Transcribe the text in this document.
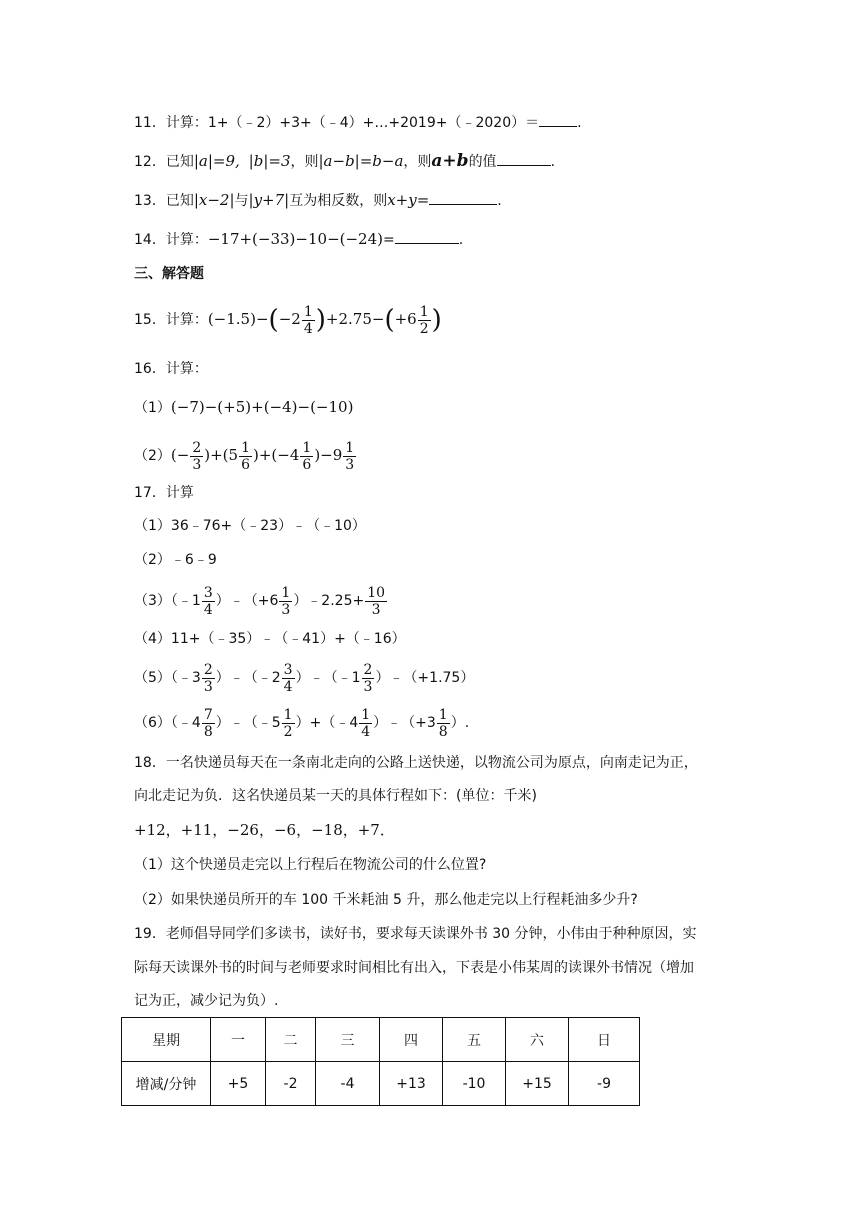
11．计算：1+（﹣2）+3+（﹣4）+…+2019+（﹣2020）＝	.
12．已知|a|=9, |b|=3，则|a−b|=b−a，则a+b的值	.
13．已知|x−2|与|y+7|互为相反数，则x+y=	.
14．计算：−17+(−33)−10−(−24)=	.
三、解答题
15．计算：$(-1.5)-(-2 \frac{1}{4} )+2.75-(+6 \frac{1}{2}$ )
16．计算：
（1）(−7)−(+5)+(−4)−(−10)
$(2)(- \frac{2}{3} )+(5 \frac{1}{6} )+(-4 \frac{1}{6} )-9 \frac{1}{3}$
17．计算
（1）36﹣76+（﹣23）﹣（﹣10）
（2）﹣6﹣9
（3）（﹣1 $\frac{3}{4}$ ）﹣（+6 $\frac{1}{3}$ ）﹣2.25+ $\frac{10}{3}$
（4）11+（﹣35）﹣（﹣41）+（﹣16）
（5）（﹣3 $\frac{2}{3}$ ）﹣（﹣2 $\frac{3}{4}$ ）﹣（﹣1 $\frac{2}{3}$ ）﹣（+1.75）
（6）（﹣4 $\frac{7}{8}$ ）﹣（﹣5 $\frac{1}{2}$ ）+（﹣4 $\frac{1}{4}$ ）﹣（+3 $\frac{1}{8}$ ）.
18．一名快递员每天在一条南北走向的公路上送快递，以物流公司为原点，向南走记为正，
向北走记为负．这名快递员某一天的具体行程如下：(单位：千米)
+12，+11，−26，−6，−18，+7．
（1）这个快递员走完以上行程后在物流公司的什么位置?
（2）如果快递员所开的车 100 千米耗油 5 升，那么他走完以上行程耗油多少升?
19．老师倡导同学们多读书，读好书，要求每天读课外书 30 分钟，小伟由于种种原因，实
际每天读课外书的时间与老师要求时间相比有出入，下表是小伟某周的读课外书情况（增加
记为正，减少记为负）.
星期	一	二	三	四	五	六	日
增减/分钟	+5	-2	-4	+13	-10	+15	-9
